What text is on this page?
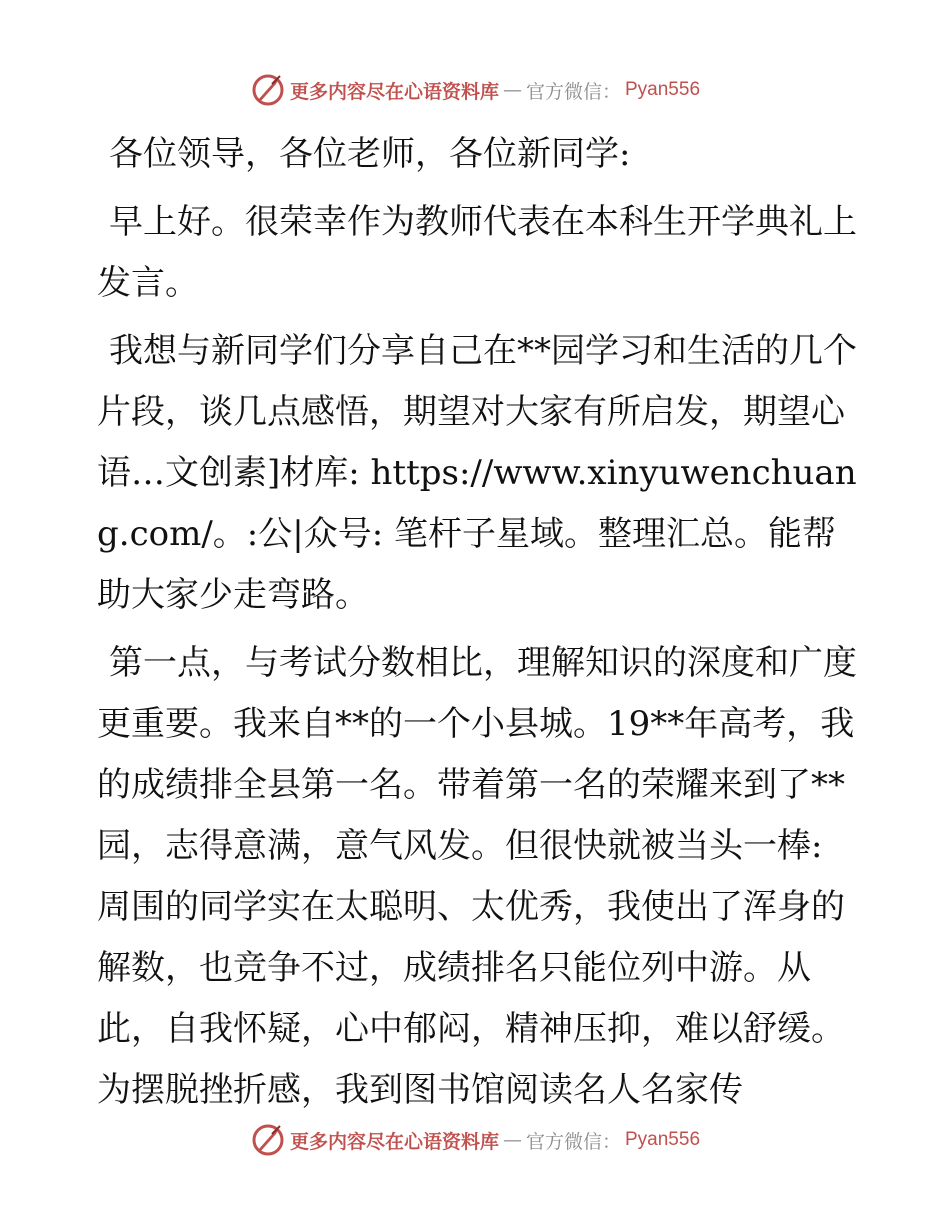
更多内容尽在心语资料库 — 官方微信： Pyan556

各位领导，各位老师，各位新同学:

早上好。很荣幸作为教师代表在本科生开学典礼上发言。

我想与新同学们分享自己在**园学习和生活的几个片段，谈几点感悟，期望对大家有所启发，期望心语…文创素]材库: https://www.xinyuwenchuang.com/。:公|众号: 笔杆子星域。整理汇总。能帮助大家少走弯路。

第一点，与考试分数相比，理解知识的深度和广度更重要。我来自**的一个小县城。19**年高考，我的成绩排全县第一名。带着第一名的荣耀来到了**园，志得意满，意气风发。但很快就被当头一棒: 周围的同学实在太聪明、太优秀，我使出了浑身的解数，也竞争不过，成绩排名只能位列中游。从此，自我怀疑，心中郁闷，精神压抑，难以舒缓。为摆脱挫折感，我到图书馆阅读名人名家传

更多内容尽在心语资料库 — 官方微信： Pyan556
